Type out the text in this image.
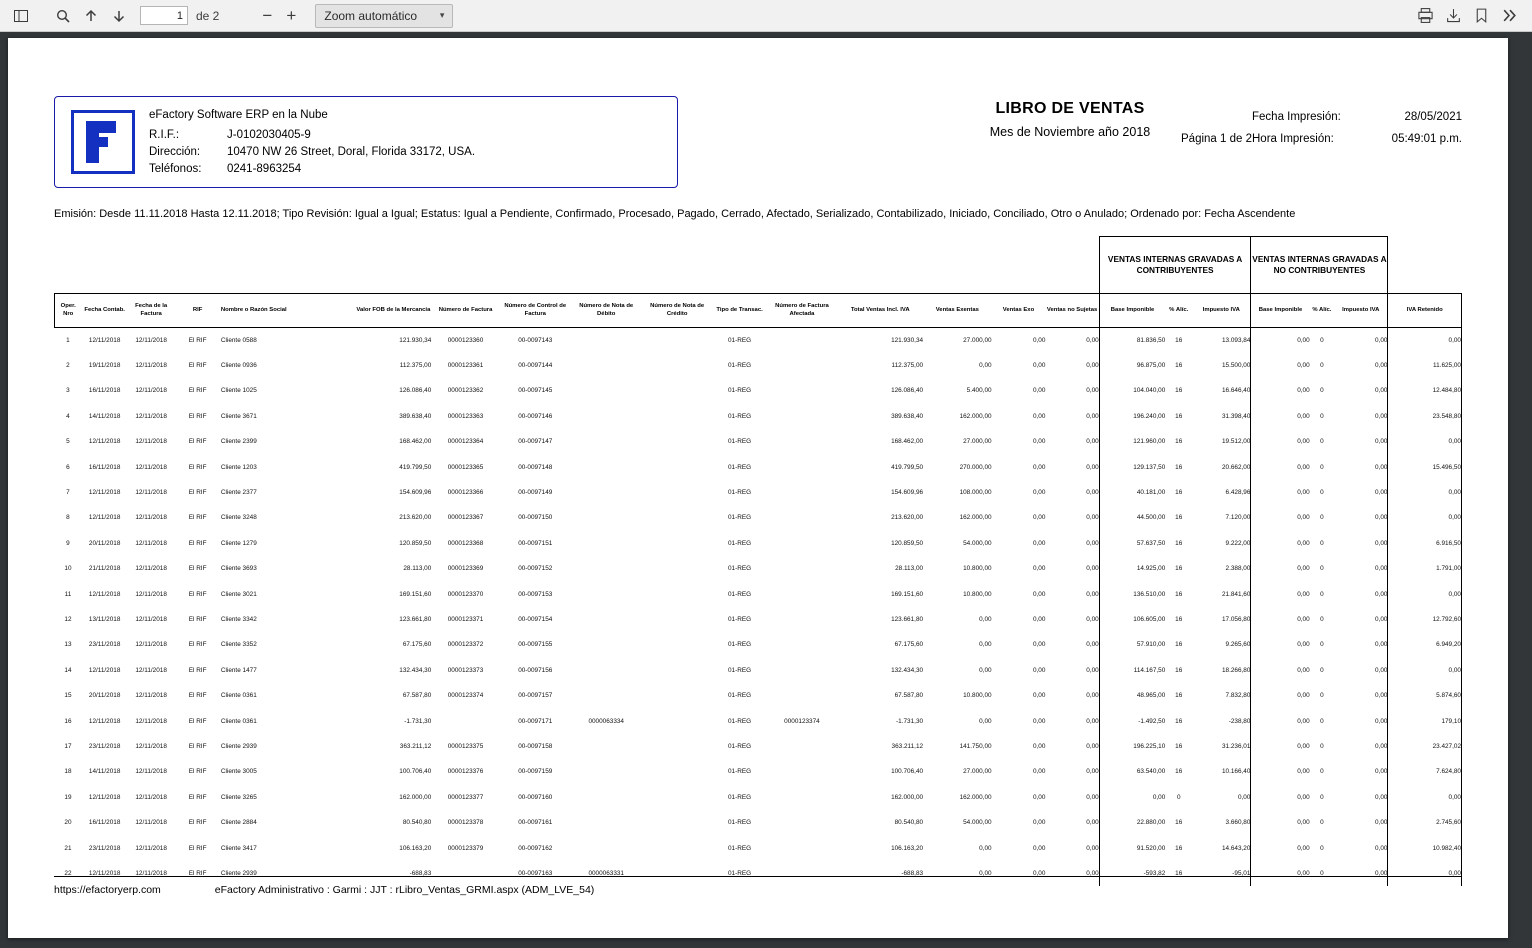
1
de 2	− +	Zoom automático	▾
eFactory Software ERP en la Nube
R.I.F.:	J-0102030405-9
Dirección:	10470 NW 26 Street, Doral, Florida 33172, USA.
Teléfonos:	0241-8963254
LIBRO DE VENTAS
Mes de Noviembre año 2018
Fecha Impresión:	28/05/2021
Página 1 de 2 Hora Impresión:	05:49:01 p.m.
Emisión: Desde 11.11.2018 Hasta 12.11.2018; Tipo Revisión: Igual a Igual; Estatus: Igual a Pendiente, Confirmado, Procesado, Pagado, Cerrado, Afectado, Serializado, Contabilizado, Iniciado, Conciliado, Otro o Anulado; Ordenado por: Fecha Ascendente
																VENTAS INTERNAS GRAVADAS A CONTRIBUYENTES			VENTAS INTERNAS GRAVADAS A NO CONTRIBUYENTES			
Oper. Nro	Fecha Contab.	Fecha de la Factura	RIF	Nombre o Razón Social	Valor FOB de la Mercancía	Número de Factura	Número de Control de Factura	Número de Nota de Débito	Número de Nota de Crédito	Tipo de Transac.	Número de Factura Afectada	Total Ventas Incl. IVA	Ventas Exentas	Ventas Exo	Ventas no Sujetas	Base Imponible	% Alíc.	Impuesto IVA	Base Imponible	% Alíc.	Impuesto IVA	IVA Retenido
1	12/11/2018	12/11/2018	El RIF	Cliente 0588	121.930,34	0000123360	00-0097143			01-REG		121.930,34	27.000,00	0,00	0,00	81.836,50	16	13.093,84	0,00	0	0,00	0,00
2	19/11/2018	12/11/2018	El RIF	Cliente 0936	112.375,00	0000123361	00-0097144			01-REG		112.375,00	0,00	0,00	0,00	96.875,00	16	15.500,00	0,00	0	0,00	11.625,00
3	16/11/2018	12/11/2018	El RIF	Cliente 1025	126.086,40	0000123362	00-0097145			01-REG		126.086,40	5.400,00	0,00	0,00	104.040,00	16	16.646,40	0,00	0	0,00	12.484,80
4	14/11/2018	12/11/2018	El RIF	Cliente 3671	389.638,40	0000123363	00-0097146			01-REG		389.638,40	162.000,00	0,00	0,00	196.240,00	16	31.398,40	0,00	0	0,00	23.548,80
5	12/11/2018	12/11/2018	El RIF	Cliente 2399	168.462,00	0000123364	00-0097147			01-REG		168.462,00	27.000,00	0,00	0,00	121.960,00	16	19.512,00	0,00	0	0,00	0,00
6	16/11/2018	12/11/2018	El RIF	Cliente 1203	419.799,50	0000123365	00-0097148			01-REG		419.799,50	270.000,00	0,00	0,00	129.137,50	16	20.662,00	0,00	0	0,00	15.496,50
7	12/11/2018	12/11/2018	El RIF	Cliente 2377	154.609,96	0000123366	00-0097149			01-REG		154.609,96	108.000,00	0,00	0,00	40.181,00	16	6.428,96	0,00	0	0,00	0,00
8	12/11/2018	12/11/2018	El RIF	Cliente 3248	213.620,00	0000123367	00-0097150			01-REG		213.620,00	162.000,00	0,00	0,00	44.500,00	16	7.120,00	0,00	0	0,00	0,00
9	20/11/2018	12/11/2018	El RIF	Cliente 1279	120.859,50	0000123368	00-0097151			01-REG		120.859,50	54.000,00	0,00	0,00	57.637,50	16	9.222,00	0,00	0	0,00	6.916,50
10	21/11/2018	12/11/2018	El RIF	Cliente 3693	28.113,00	0000123369	00-0097152			01-REG		28.113,00	10.800,00	0,00	0,00	14.925,00	16	2.388,00	0,00	0	0,00	1.791,00
11	12/11/2018	12/11/2018	El RIF	Cliente 3021	169.151,60	0000123370	00-0097153			01-REG		169.151,60	10.800,00	0,00	0,00	136.510,00	16	21.841,60	0,00	0	0,00	0,00
12	13/11/2018	12/11/2018	El RIF	Cliente 3342	123.661,80	0000123371	00-0097154			01-REG		123.661,80	0,00	0,00	0,00	106.605,00	16	17.056,80	0,00	0	0,00	12.792,60
13	23/11/2018	12/11/2018	El RIF	Cliente 3352	67.175,60	0000123372	00-0097155			01-REG		67.175,60	0,00	0,00	0,00	57.910,00	16	9.265,60	0,00	0	0,00	6.949,20
14	12/11/2018	12/11/2018	El RIF	Cliente 1477	132.434,30	0000123373	00-0097156			01-REG		132.434,30	0,00	0,00	0,00	114.167,50	16	18.266,80	0,00	0	0,00	0,00
15	20/11/2018	12/11/2018	El RIF	Cliente 0361	67.587,80	0000123374	00-0097157			01-REG		67.587,80	10.800,00	0,00	0,00	48.965,00	16	7.832,80	0,00	0	0,00	5.874,60
16	12/11/2018	12/11/2018	El RIF	Cliente 0361	-1.731,30		00-0097171	0000063334		01-REG	0000123374	-1.731,30	0,00	0,00	0,00	-1.492,50	16	-238,80	0,00	0	0,00	179,10
17	23/11/2018	12/11/2018	El RIF	Cliente 2939	363.211,12	0000123375	00-0097158			01-REG		363.211,12	141.750,00	0,00	0,00	196.225,10	16	31.236,01	0,00	0	0,00	23.427,02
18	14/11/2018	12/11/2018	El RIF	Cliente 3005	100.706,40	0000123376	00-0097159			01-REG		100.706,40	27.000,00	0,00	0,00	63.540,00	16	10.166,40	0,00	0	0,00	7.624,80
19	12/11/2018	12/11/2018	El RIF	Cliente 3265	162.000,00	0000123377	00-0097160			01-REG		162.000,00	162.000,00	0,00	0,00	0,00	0	0,00	0,00	0	0,00	0,00
20	16/11/2018	12/11/2018	El RIF	Cliente 2884	80.540,80	0000123378	00-0097161			01-REG		80.540,80	54.000,00	0,00	0,00	22.880,00	16	3.660,80	0,00	0	0,00	2.745,60
21	23/11/2018	12/11/2018	El RIF	Cliente 3417	106.163,20	0000123379	00-0097162			01-REG		106.163,20	0,00	0,00	0,00	91.520,00	16	14.643,20	0,00	0	0,00	10.982,40
22	12/11/2018	12/11/2018	El RIF	Cliente 2939	-688,83		00-0097163	0000063331		01-REG		-688,83	0,00	0,00	0,00	-593,82	16	-95,01	0,00	0	0,00	0,00
https://efactoryerp.com	eFactory Administrativo : Garmi : JJT : rLibro_Ventas_GRMI.aspx (ADM_LVE_54)
